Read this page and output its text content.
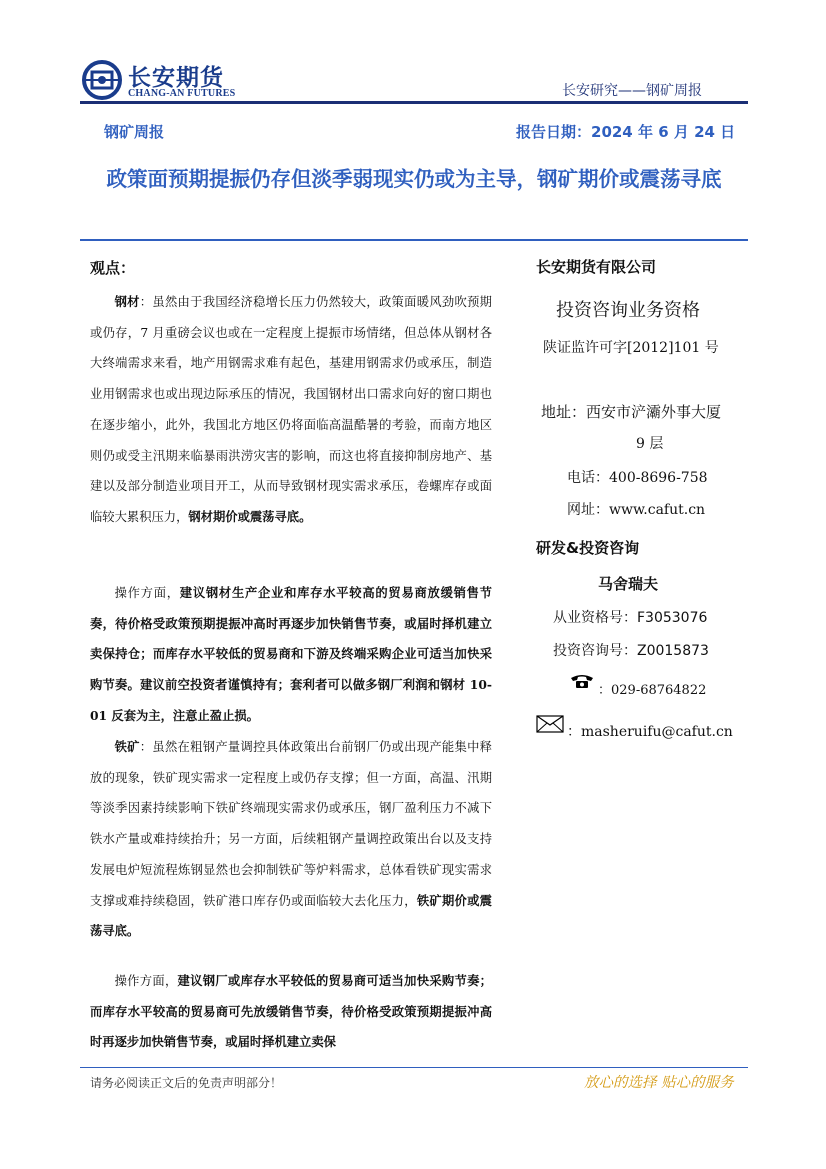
长安期货
CHANG-AN FUTURES	长安研究——钢矿周报
钢矿周报	报告日期：2024 年 6 月 24 日
政策面预期提振仍存但淡季弱现实仍或为主导，钢矿期价或震荡寻底
观点：
钢材：虽然由于我国经济稳增长压力仍然较大，政策面暖风劲吹预期或仍存，7 月重磅会议也或在一定程度上提振市场情绪，但总体从钢材各大终端需求来看，地产用钢需求难有起色，基建用钢需求仍或承压，制造业用钢需求也或出现边际承压的情况，我国钢材出口需求向好的窗口期也在逐步缩小，此外，我国北方地区仍将面临高温酷暑的考验，而南方地区则仍或受主汛期来临暴雨洪涝灾害的影响，而这也将直接抑制房地产、基建以及部分制造业项目开工，从而导致钢材现实需求承压，卷螺库存或面临较大累积压力，钢材期价或震荡寻底。
操作方面，建议钢材生产企业和库存水平较高的贸易商放缓销售节奏，待价格受政策预期提振冲高时再逐步加快销售节奏，或届时择机建立卖保持仓；而库存水平较低的贸易商和下游及终端采购企业可适当加快采购节奏。建议前空投资者谨慎持有；套利者可以做多钢厂利润和钢材 10-01 反套为主，注意止盈止损。
铁矿：虽然在粗钢产量调控具体政策出台前钢厂仍或出现产能集中释放的现象，铁矿现实需求一定程度上或仍存支撑；但一方面，高温、汛期等淡季因素持续影响下铁矿终端现实需求仍或承压，钢厂盈利压力不减下铁水产量或难持续抬升；另一方面，后续粗钢产量调控政策出台以及支持发展电炉短流程炼钢显然也会抑制铁矿等炉料需求，总体看铁矿现实需求支撑或难持续稳固，铁矿港口库存仍或面临较大去化压力，铁矿期价或震荡寻底。
操作方面，建议钢厂或库存水平较低的贸易商可适当加快采购节奏；而库存水平较高的贸易商可先放缓销售节奏，待价格受政策预期提振冲高时再逐步加快销售节奏，或届时择机建立卖保
长安期货有限公司
投资咨询业务资格
陕证监许可字[2012]101 号
地址：西安市浐灞外事大厦
9 层
电话：400-8696-758
网址：www.cafut.cn
研发&投资咨询
马舍瑞夫
从业资格号：F3053076
投资咨询号：Z0015873
：029-68764822
：masheruifu@cafut.cn
请务必阅读正文后的免责声明部分！	放心的选择 贴心的服务
